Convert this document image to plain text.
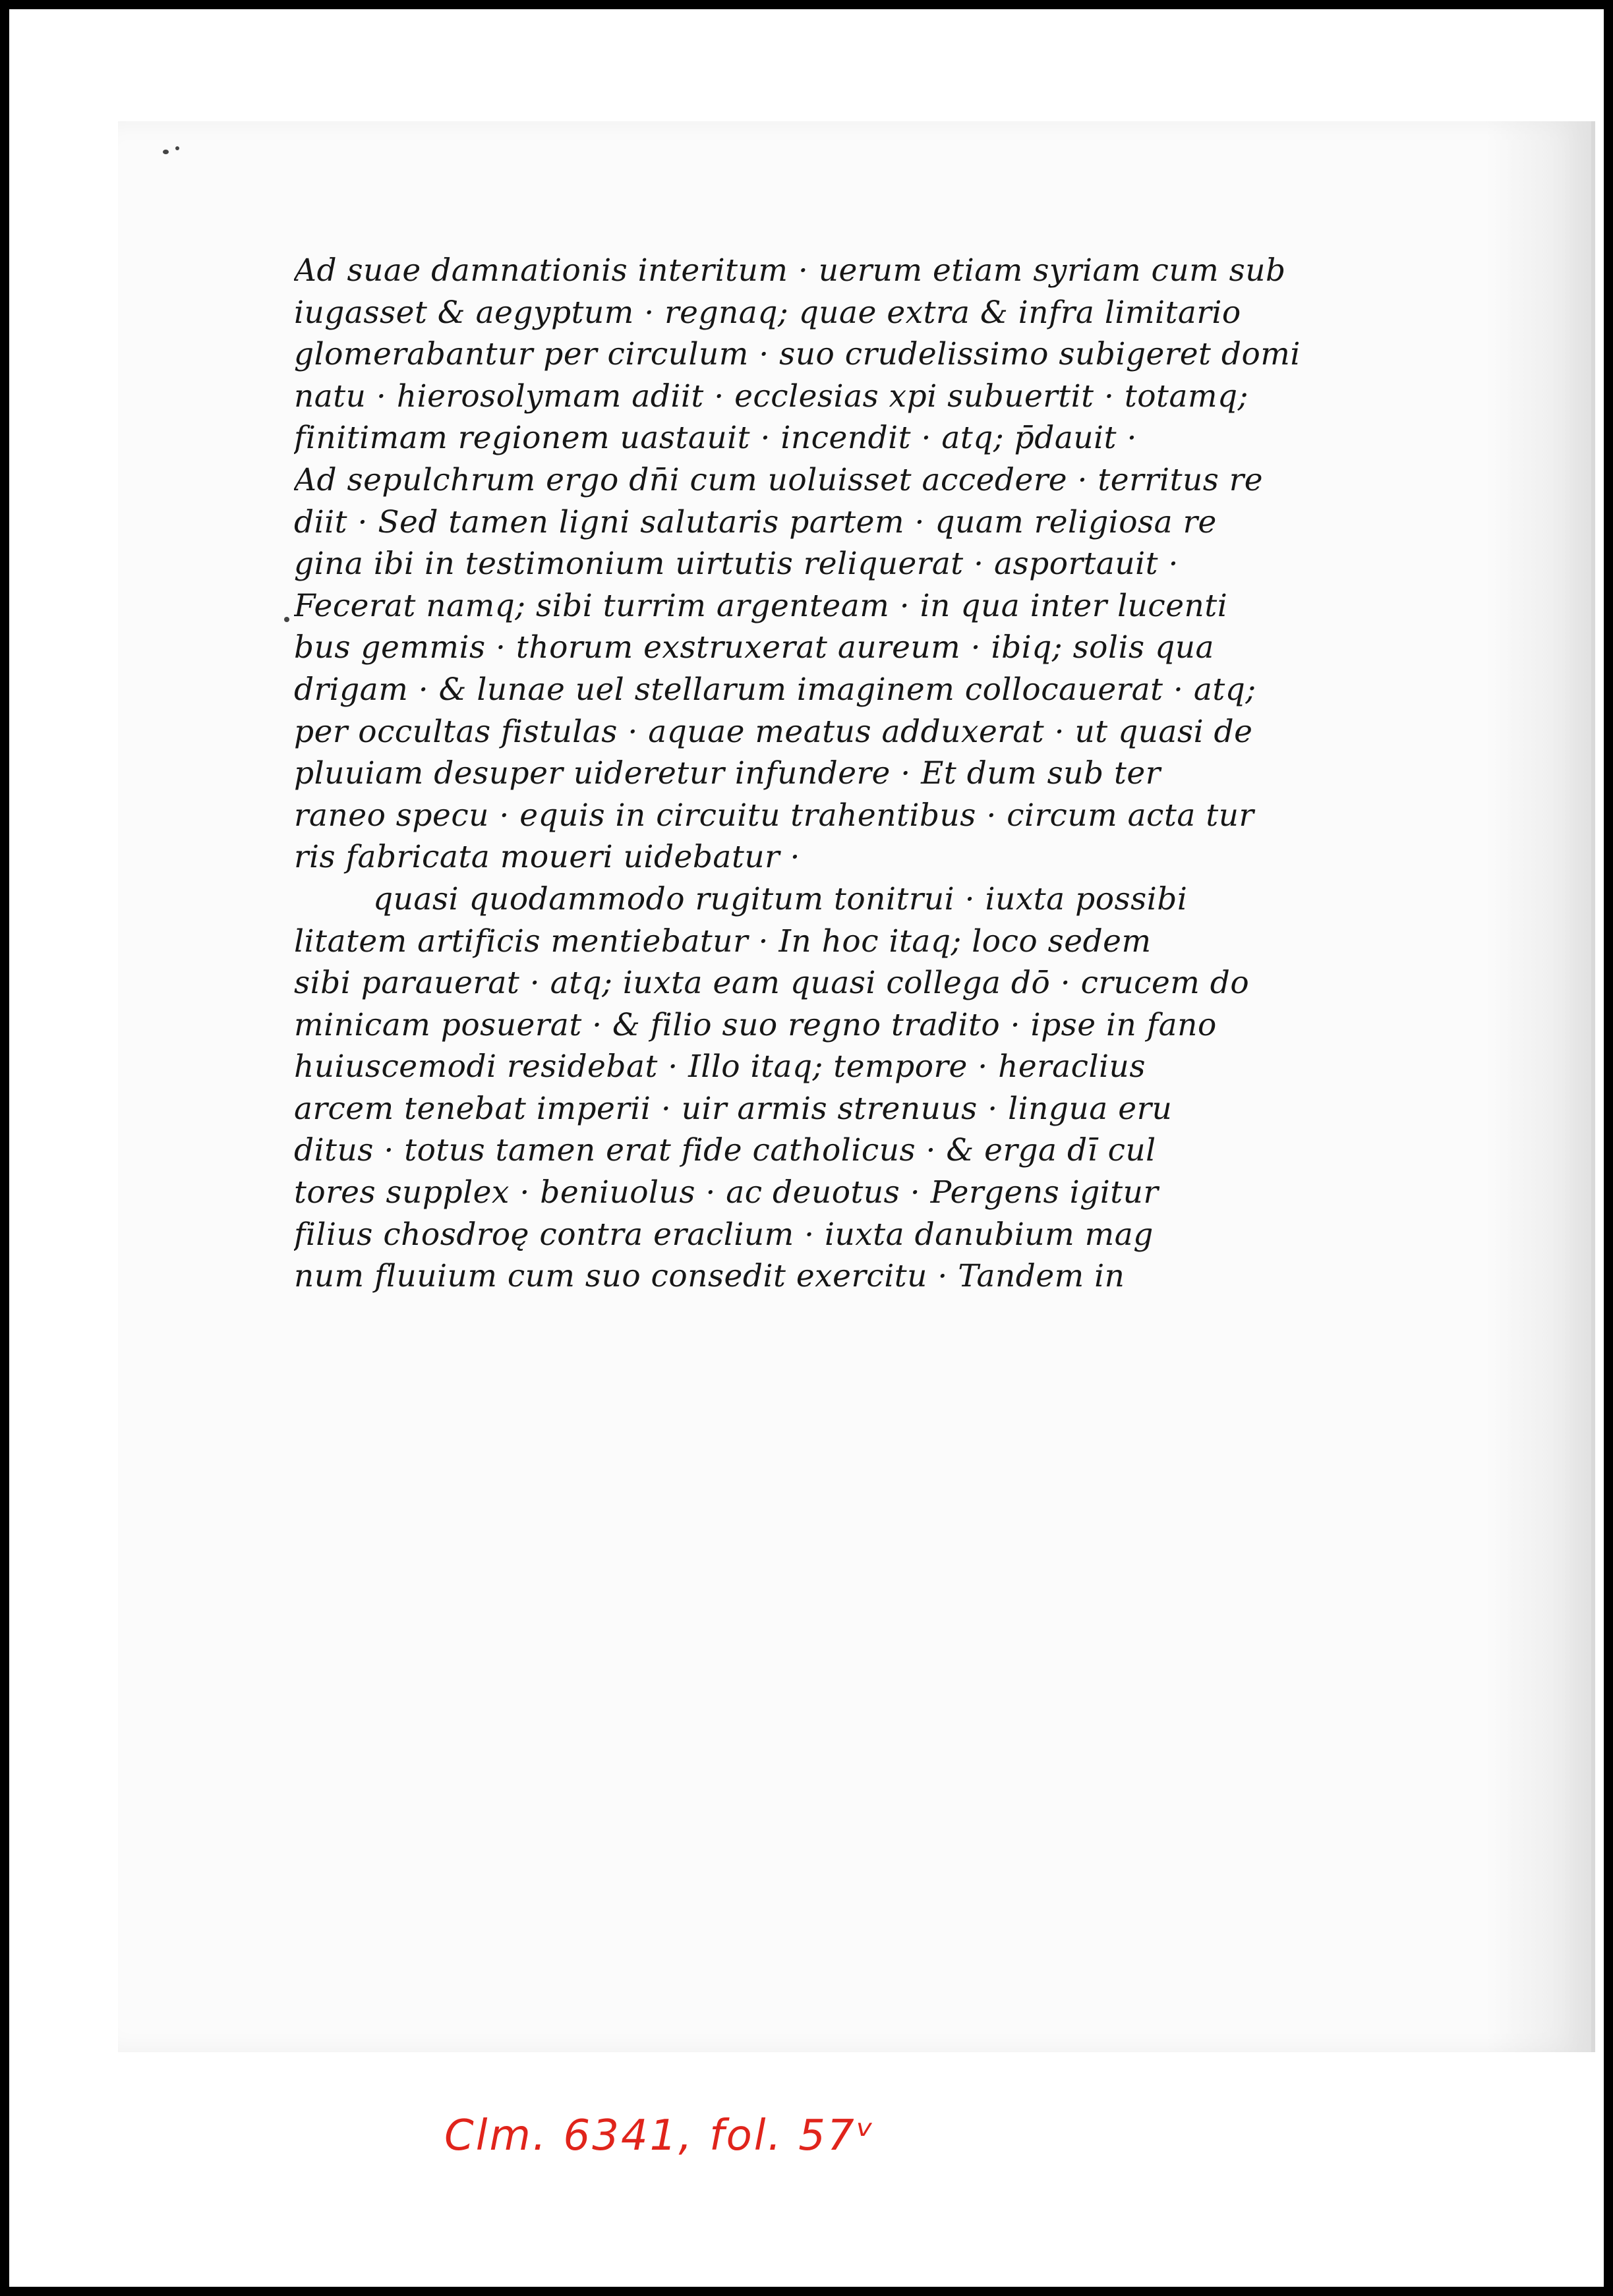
Ad suae damnationis interitum · uerum etiam syriam cum sub
iugasset & aegyptum · regnaq; quae extra & infra limitario
glomerabantur per circulum · suo crudelissimo subigeret domi
natu · hierosolymam adiit · ecclesias xpi subuertit · totamq;
finitimam regionem uastauit · incendit · atq; p̄dauit ·
Ad sepulchrum ergo dn̄i cum uoluisset accedere · territus re
diit · Sed tamen ligni salutaris partem · quam religiosa re
gina ibi in testimonium uirtutis reliquerat · asportauit ·
Fecerat namq; sibi turrim argenteam · in qua inter lucenti
bus gemmis · thorum exstruxerat aureum · ibiq; solis qua
drigam · & lunae uel stellarum imaginem collocauerat · atq;
per occultas fistulas · aquae meatus adduxerat · ut quasi de
pluuiam desuper uideretur infundere · Et dum sub ter
raneo specu · equis in circuitu trahentibus · circum acta tur
ris fabricata moueri uidebatur ·
quasi quodammodo rugitum tonitrui · iuxta possibi
litatem artificis mentiebatur · In hoc itaq; loco sedem
sibi parauerat · atq; iuxta eam quasi collega dō · crucem do
minicam posuerat · & filio suo regno tradito · ipse in fano
huiuscemodi residebat · Illo itaq; tempore · heraclius
arcem tenebat imperii · uir armis strenuus · lingua eru
ditus · totus tamen erat fide catholicus · & erga dī cul
tores supplex · beniuolus · ac deuotus · Pergens igitur
filius chosdroę contra eraclium · iuxta danubium mag
num fluuium cum suo consedit exercitu · Tandem in
Clm. 6341, fol. 57ᵛ
